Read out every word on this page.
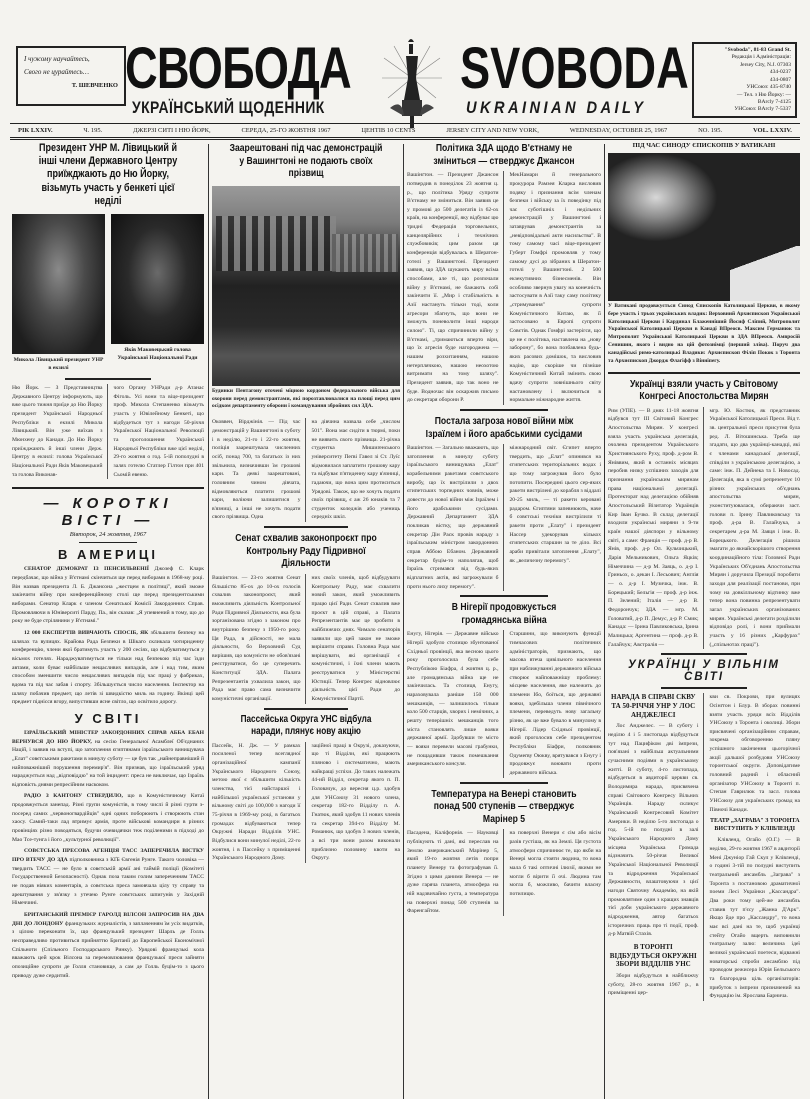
І чужому научайтесь,
Свого не цурайтесь…
Т. ШЕВЧЕНКО СВОБОДА
УКРАЇНСЬКИЙ ЩОДЕННИК
SVOBODA
UKRAINIAN DAILY
"Svoboda", 81-83 Grand St.
Редакція і Адміністрація:
Jersey City, N.J. 07303
434-0237
434-0807
УНСоюз: 435-8740
— Тел. з Ню Йорку: —
BArcly 7-4125
УНСоюз: BArcly 7-5337
РІК LXXIV.	Ч. 195.	ДЖЕРЗІ СИТІ І НЮ ЙОРК,	СЕРЕДА, 25-ГО ЖОВТНЯ 1967	ЦЕНТІВ 10 CENTS	JERSEY CITY AND NEW YORK,	WEDNESDAY, OCTOBER 25, 1967	NO. 195.	VOL. LXXIV.
Президент УНР М. Лівицький й інші члени Державного Центру приїжджають до Ню Йорку, візьмуть участь у бенкеті цієї неділі
Микола Лівицький президент УНР в екзилі
Яків Маковецький голова Української Національної Ради
Ню Йорк. — З Представництва Державного Центру інформують, що вже цього тижня приїде до Ню Йорку президент Української Народньої Республіки в екзилі Микола Лівицький. Він уже виїхав з Мюнхену до Канади. До Ню Йорку приїжджають й інші члени Держ. Центру в екзилі: голова Української Національної Ради Яків Маковецький та голова Виконав-
чого Органу УНРади д-р Атанас Фіголь. Усі вони та віце-президент проф. Микола Степаненко візьмуть участь у Ювілейному Бенкеті, що відбудеться тут з нагоди 50-річчя Української Національної Революції та проголошення Української Народньої Республіки вже цієї неділі, 29-го жовтня о год. 5-ій пополудні в залях готелю Статлер Гілтон при 401 Сьомій евеню.
— КОРОТКІ ВІСТІ —
Вівторок, 24 жовтня, 1967
В АМЕРИЦІ
СЕНАТОР ДЕМОКРАТ ІЗ ПЕНСИЛЬВЕНІЇ Джозеф С. Кларк передбачає, що війна у В'єтнамі скінчиться ще перед виборами в 1968-му році. Він назвав президента Л. Б. Джансона „жестцем в політиці", який зможе закінчити війну при конференційному столі ще перед президентськими виборами. Сенатор Кларк є членом Сенатської Комісії Закордонних Справ. Промовляючи в Юніверситі Парду, Па., він сказав: „Я упевнений в тому, що до року не буде стрілянини у В'єтнамі."
12 000 ЕКСПЕРТІВ ВИВЧАЮТЬ СПОСІБ, ЯК збільшити безпеку на шляхах та вулицях. Крайова Рада Безпеки в Шікаго скликала чотириденну конференцію, члени якої братимуть участь у 200 сесіях, що відбуватимуться у вісьмох готелях. Нараджуватимуться не тільки над безпекою під час їзди автами, коли буває найбільше нещасливих випадків, але і над тим, яким способом зменшити число нещасливих випадків під час праці у фабриках, вдома та під час забав і спорту. Збільшується число населення. Інспектор на шляху побачив предмет, що летів зі швидкістю миль на годину. Вкінці цей предмет піднісся вгору, випустивши ясне світло, що освітило дорогу.
У СВІТІ
ІЗРАЇЛЬСЬКИЙ МІНІСТЕР ЗАКОРДОННИХ СПРАВ АББА ЕБАН ВЕРНУВСЯ ДО НЮ ЙОРКУ, на сесію Генеральної Асамблеї Об'єднаних Націй, і заявив на вступі, що затоплення єгиптянами ізраїльського винищувача „Елат" совєтськими ракетами в минулу суботу — це був так „найнеправніший й найповажніший порушення перемир'я". Він признав, що ізраїльський уряд нараджується над „відповіддю" на той інцидент: преса не виключає, що Ізраїль відповість днями репресійним наскоком.
РАДІО З КАНТОНУ СТВЕРДИЛО, що в Комуністичному Китаї продовжується занепад. Різні групи комуністів, в тому числі й різні гурти з-посеред самих „червоногвардійців" одні одних поборюють і створюють стан хаосу. Самий-таки лад втримує армія, проте військові командири в різних провінціях різно поводяться, будучи очевидячки теж поділеними в підході до Мао Тсе-тунга і його „культурної революції".
СОВЄТСЬКА ПРЕСОВА АГЕНЦІЯ ТАСС ЗАПЕРЕЧИЛА ВІСТКУ ПРО ВТЕЧУ ДО ЗДА підполковника з КҐБ Євгенія Рунге. Такого чоловіка — твердить ТАСС — не було в совєтській армії ані таймій поліції (Комітеті Государственной Безопасності). Однак поза таким голим запереченням ТАСС не подав ніяких коментарів, а совєтська преса замовчала цілу ту справу та арештування у зв'язку з утечею Рунге совєтських шпигунів у Західній Німеччині.
БРИТАНСЬКИЙ ПРЕМІЄР ГАРОЛД ВІЛСОН ЗАПРОСИВ НА ДВА ДНІ ДО ЛОНДОНУ французьких журналістів, з заплаченням їм усіх видатків, з цілою переконати їх, що французький президент Шарль де Голль несправедливо противиться прийняттю Британії до Европейської Економічної Спільноти (Спільного Господарського Ринку). Урядові французькі кола вважають цей крок Вілсона за перемовлювання французької преси зайняти опозиційне супроти де Голля становище, а сам де Голль буцім-то з цього приводу дуже сердитий.
Заарештовані під час демонстрацій у Вашингтоні не подають своїх прізвищ
Будинки Пентагону оточені міцною кордоном федерального війська для охорони перед демонстрантами, які порозтавлювалися на площі перед цим осідком департаменту оборони і командування збройних сил ЗДА.
Оковвен, Вірджінія. — Під час демонстрацій у Вашингтоні в суботу і в неділю, 21-го і 22-го жовтня, поліція заарештувала численних осіб, понад 700, та багатьох із них звільнила, визначивши їм грошові кари. Та деякі заарештовані, головним чином дівчата, відмовляються платити грошові кари, воліючи залишитися у в'язниці, а інші не хочуть подати свого прізвища. Одна
на дівчина назвала себе „числом 501". Вона має сидіти в тюрмі, поки не виявить свого прізвища. 21-річна студентка Мишиґенського університету Пеґві Гавел зі Ст. Луїс відмовилася заплатити грошову кару та відбуває п'ятиденну кару в'язниці, гадаючи, що вона цим протиситься Урядові. Також, що не хочуть подати своїх прізвищ, є аж 26 юнаків та 7 студенток коледжів або учениць середніх шкіл.
Сенат схвалив законопроєкт про Контрольну Раду Підривної Діяльности
Вашінґтон. — 23-го жовтня Сенат більшістю 85-ох до 10-ох голосів схвалив законопроєкт, який вможливить діяльність Контрольної Ради Підривної Діяльности, яка була зорганізована згідно з законом про внутрішню безпеку з 1950-го року. Ця Рада, в дійсності, не мала діяльности, бо Верховний Суд вирішив, що комуністи не обов'язані реєструватися, бо це суперечить Конституції ЗДА. Палата Репрезентантів ухвалила закон, що Рада має право сама визначити комуністичні організації.
них своїх членів, щоб відбудувати Контрольну Раду, має схвалити новий закон, який уможливить працю цієї Ради. Сенат схвалив вже проєкт в цій справі, а Палата Репрезентантів має це зробити в найближчих днях. Чимало сенаторів заявили що цей закон не зможе вирішити справи. Головна Рада має вирішувати, які організації є комуністичні, і їхні члени мають реєструватися у Міністерстві Юстиції. Тепер Конгрес відновлює діяльність цієї Ради до Комуністичної Партії.
Пассейська Округа УНС відбула наради, плянує нову акцію
Пассейк, Н. Дж. — У рамках посиленої тепер всеглядної організаційної кампанії Українського Народного Союзу, метою якої є збільшити кількість членства, тієї найстаршої і найбільшої української установи у вільному світі до 100,000 з нагоди її 75-річчя в 1969-му році, в багатьох громадах відбуваються тепер Окружні Наради Відділів УНС. Відбулися вони минулої неділі, 22-го жовтня, і в Пассейку з приміщенні Українського Народного Дому.
заційної праці в Окрузі, доказуючи, що ті Відділи, які працюють пляново і систематично, мають найкращі успіхи. До таких належать 44-ий Відділ, секретар якого п. П. Головачук, до вересня ц.р. здобув для УНСоюзу 31 нового члена, секретар 182-го Відділу п. А. Гнатюк, який здобув 11 нових членів та секретар 394-го Відділу М. Романюк, що здобув 3 нових членів, а всі три вони разом виконали приблизно половину квоти на Округу.
Політика ЗДА щодо В'єтнаму не зміниться — стверджує Джансон
Вашінґтон. — Президент Джансон потвердив в понеділок 23 жовтня ц. р., що політика Уряду супроти В'єтнаму не зміниться. Він заявив це у промові до 500 делегатів із 62-ох країв, на конференції, яку відбуває цю тридні Федерація торговельних, канцелярійних і технічних службовиків; цим разом ця конференція відбувалась в Шератон-готелі у Вашингтоні. Президент заявив, що ЗДА шукають миру всіма способами, але ті, що розпочали війну у В'єтнамі, не бажають собі закінчити її. „Мир і стабільність в Азії настануть тільки тоді, коли агресори збагнуть, що вони не зможуть поневолити інші народи силою". Ті, що спричинили війну у В'єтнамі, „тримаються вперто віри, що їх агресія буде нагороджена — нашим розхитанням, нашою нетерплячкою, нашою неохотою витримати на тому шляху". Президент заявив, що так воно не буде. Водночас він оскаржив письмо до секретаря оборони Р.
МекНамари й генерального прокурора Рамзея Кларка висловив подяку і признання всім членам безпеки і війську за їх поведінку під час суботішніх і недільних демонстрацій у Вашингтоні і затаврував демонстрантів за „невідповідальні акти насильства". В тому самому часі віце-президент Губерт Гомфрі промовляв у тому самому дусі до зібраних в Шератон-готелі у Вашингтоні. 2 500 екзекутивних бізнесменів. Він особливо звернув увагу на конечність застосувати в Азії таку саму політику „стримування" супроти Комуністичного Китаю, як її застосовано в Европі супроти Совєтів. Однак Гомфрі застерігся, що це не є політика, наставлена на „нову заборону", бо вона позбавлена будь-яких расових домішок, та висловив надію, що скоріше чи пізніше Комуністичний Китай змінить свою вдачу супроти зовнішнього світу настановлену і включиться в нормальне міжнародне життя.
Постала загроза нової війни між Ізраїлем і його арабськими сусідами
Вашінґтон. — Загально вважають, що затоплення в минулу суботу ізраїльського винищувача „Елат" корабельними ракетами совєтського виробу, що їх вистрілили з двох єгипетських торпедних човнів, може довести до нової війни між Ізраїлем і його арабськими сусідами. Державний Департамент ЗДА покликав вістку, що державний секретар Дін Раск провів нараду з ізраїльським міністром закордонних справ Аббою Ебаном. Державний секретар буцім-то наполягав, щоб Ізраїль стримався від будь-яких відплатних актів, які загрожували б проти нього лиху перемогу".
міжнародний світ. Єгипет вперто твердить, що „Елат" опинився на єгипетських територіальних водах і що тому загрожував його було потопити. Посередині цього сер-яких ракети вистрілені до корабля з віддалі 20-25 миль, — ті ракети керовані радаром. Єгиптяни запевнюють, наче б совєтські техніки вистрілили ті ракети проти „Елату" і президент Нассер удекорував кількох єгипетських старшин за те діло. Всі араби привітали затоплення „Елату", як „величезну перемогу".
В Нігерії продовжується громадянська війна
Енугу, Нігерія. — Державне військо Нігерії здобуло столицю збунтованої Східньої провінції, яка весною цього року проголосила була себе Республікою Біафра, 4 жовтня ц. р., але громадянська війна ще не закінчилась. Та столиця, Енугу, нараховувала раніше 150 000 мешканців, — залишилось тільки коло 500 старців, хворих і немічних, а решту теперішніх мешканців того міста становлять лише вояки державної армії. Здобувши те місто — вояки перевели масові грабунки, не пощадивши також помешкання американського консуля.
Старшини, що виконують функції тимчасових політичних адміністраторів, признають, що масова втеча цивільного населення при наближуванні державного війська створює найповажнішу проблему: місцеве населення, яке належить до племени Ібо, боїться, що державні вояки, здебільша члени північного племени, переведуть нову загальну різню, як це вже бувало в минулому в Нігерії. Лідер Східньої провінції, який проголосив себе президентом Республіки Біафри, полковник Одумеґву Оюкву, врятувався з Енугу і продовжує воювати проти державного війська.
Температура на Венері становить понад 500 ступенів — стверджує Марінер 5
Пасадена, Каліфорнія. — Науковці публікують ті дані, які переслав на Землю американський Марінер 5, який 19-го жовтня летів попри планету Венеру та фотографував її. Згідно з цими даними Венера — не дуже гаряча планета, атмосфера на ній надзвичайно густа, а температура на поверхні понад 500 ступенів за Фаренгайтом.
на поверхні Венери є сім або вісім разів густіша, як на Землі. Ця густота атмосфери спричинює те, що якби на Венері могла стояти людина, то вона мала б такі оптичні ілюзії, якими не могли б вірити її очі. Людина там могла б, можливо, бачити власну потилицю.
ПІД ЧАС СИНОДУ ЄПИСКОПІВ У ВАТИКАНІ
У Ватикані продовжується Синод Єпископів Католицької Церкви, в якому бере участь і трьох українських владик: Верховний Архиєпископ Української Католицької Церкви і Кардинал Блаженніший Йосиф Сліпий, Митрополит Української Католицької Церкви в Канаді ВПреосв. Максим Германюк та Митрополит Української Католицької Церкви в ЗДА ВПреосв. Амвросій Сенишин, якого і видно на цій фотознімці (перший зліва). Поруч два канадійські римо-католицькі Владики: Архиєпископ Філіп Покок з Торонта та Архиєпископ Джордж Флагіфф з Вінніпегу.
Українці взяли участь у Світовому Конгресі Апостольства Мирян
Рим (УПЕ). — В днях 11-18 жовтня відбувся тут III Світовий Конгрес Апостольства Мирян. У конгресі взяла участь українська делегація, очолена президентом Українського Християнського Руху, проф. д-ром В. Яніввим, який в останніх місяцях перобив низку успішних заходів для признання українським мирянам права національної делегації. Протекторат над делегацією обійняв Апостольський Візитатор Українців Кир Іван Бучко. В склад делегації входили українські миряни з 9-ти країн нашої діяспори у вільному світі, а саме: Франція — проф. д-р В. Янів, проф. д-р Ол. Кульчицький, Дарія Мельникович, Ольга Яцків; Німеччина — д-р М. Заяць, о. д-р І. Гриньох, о. декан І. Лесьович; Англія — о. д-р І. Музичка, інж. В. Борецький; Бельгія — проф. д-р інж. П. Зелений; Італія — д-р В. Федорончук; ЗДА — мгр. М. Головатий, д-р П. Демус, д-р Р. Смик; Канада: — Ірина Павликовська, Ірина Малицька; Аргентина — проф. д-р В. Галайчук; Австралія —
мгр. Ю. Костюк, як представник Української Католицької Преси. Від т. зв. центральної преси присутня була ред. Л. Вітошинська. Треба ще згадати, що два українці-канадці, які є членами канадської делегації, співділи з українською делегацією, а саме: інж. П. Дейнека та І. Новосад. Делегація, яка в сумі репрезентує 10 різних українських об'єднань апостольства мирян, уконституювалася, обираючи заст. голови п. Ірину Павликовську та проф. д-ра В. Галайчука, а секретарем д-ра М. Заяця і інж. В. Борецького. Делегація рішила змагати до якнайскорішого створення координаційного тіла: Головної Ради Українських Об'єднань Апостольства Мирян і доручила Президії поробити заходи для реалізації постанови, при чому на довкілльному відтинку вже тепер вона повинна репрезентувати загал українських організованих мирян. Українські делегати розділили відповідо ролі, і вони приймали участь у 16 різних „Карфурах" („спільнотах праці").
УКРАЇНЦІ У ВІЛЬНІМ СВІТІ
НАРАДА В СПРАВІ СКВУ ТА 50-РІЧЧЯ УНР У ЛОС АНДЖЕЛЕСІ
Лос Анджелес. — В суботу і неділю 4 і 5 листопада відбудуться тут над Пацифіком дві імпрези, пов'язані з найбільш актуальними сучасними подіями в українському житті. В суботу, 4-го листопада, відбудеться в авдиторії церкви св. Володимира нарада, присвячена справі Світового Конгресу Вільних Українців. Нараду скликує Український Конгресовий Комітет Америки. В неділю 5-го листопада о год. 5-ій по полудні в залі Українського Народного Дому місцева Українська Громада відзначить 50-річчя Великої Української Національної Революції та відродження Української Державности, влаштовуючи з цієї нагоди Святочну Академію, на якій промовлятиме один з кращих знавців тієї доби українського державного відродження, автор багатьох історичних праць про ті події, проф. д-р Матвій Стахів.
В ТОРОНТІ ВІДБУДУТЬСЯ ОКРУЖНІ ЗБОРИ ВІДДІЛІВ УНС
Збори відбудуться в найближчу суботу, 28-го жовтня 1967 р., в приміщенні цер-
кви св. Покрови, при вулицях Осінґтон і Блур. В зборах повинні взяти участь уряди всіх Відділів УНСоюзу з Торонта і околиці. Збори присвячені організаційним справам, зокрема обговоренню пляну успішного закінчення цьогорічної акції дальшої розбудови УНСоюзу торонтської округи. Доповідатиме головний радний і обласний організатор УНСоюзу в Торонті п. Степан Гаврилюк та засл. голова УНСоюзу для українських громад на Півночі Канади.
ТЕАТР „ЗАГРАВА" З ТОРОНТА ВИСТУПИТЬ У КЛІВЛЕНДІ
Клівленд, Огайо (О.Г.) — В неділю, 29-го жовтня 1967 в авдиторії Мені Джуніор Гай Скул у Клівленді, о годині 3-тій по полудні виступить театральний ансамбль „Заграва" з Торонта з постановою драматичної поеми Лесі Українки „Кассандра". Два роки тому цей-же ансамбль ставив тут п'єсу „Жанна Д'Арк". Якщо йде про „Кассандру", то вона має всі дані на те, щоб українці стейту Огайо вщерть виповнили театральну залю: величина ідеї великої української поетеси, відважні новаторські спроби ансамблю під проводом режисера Юрія Бельського та благородна ціль організаторів: прибуток з імпрези призначений на Фундацію ім. Ярослава Барнича.
